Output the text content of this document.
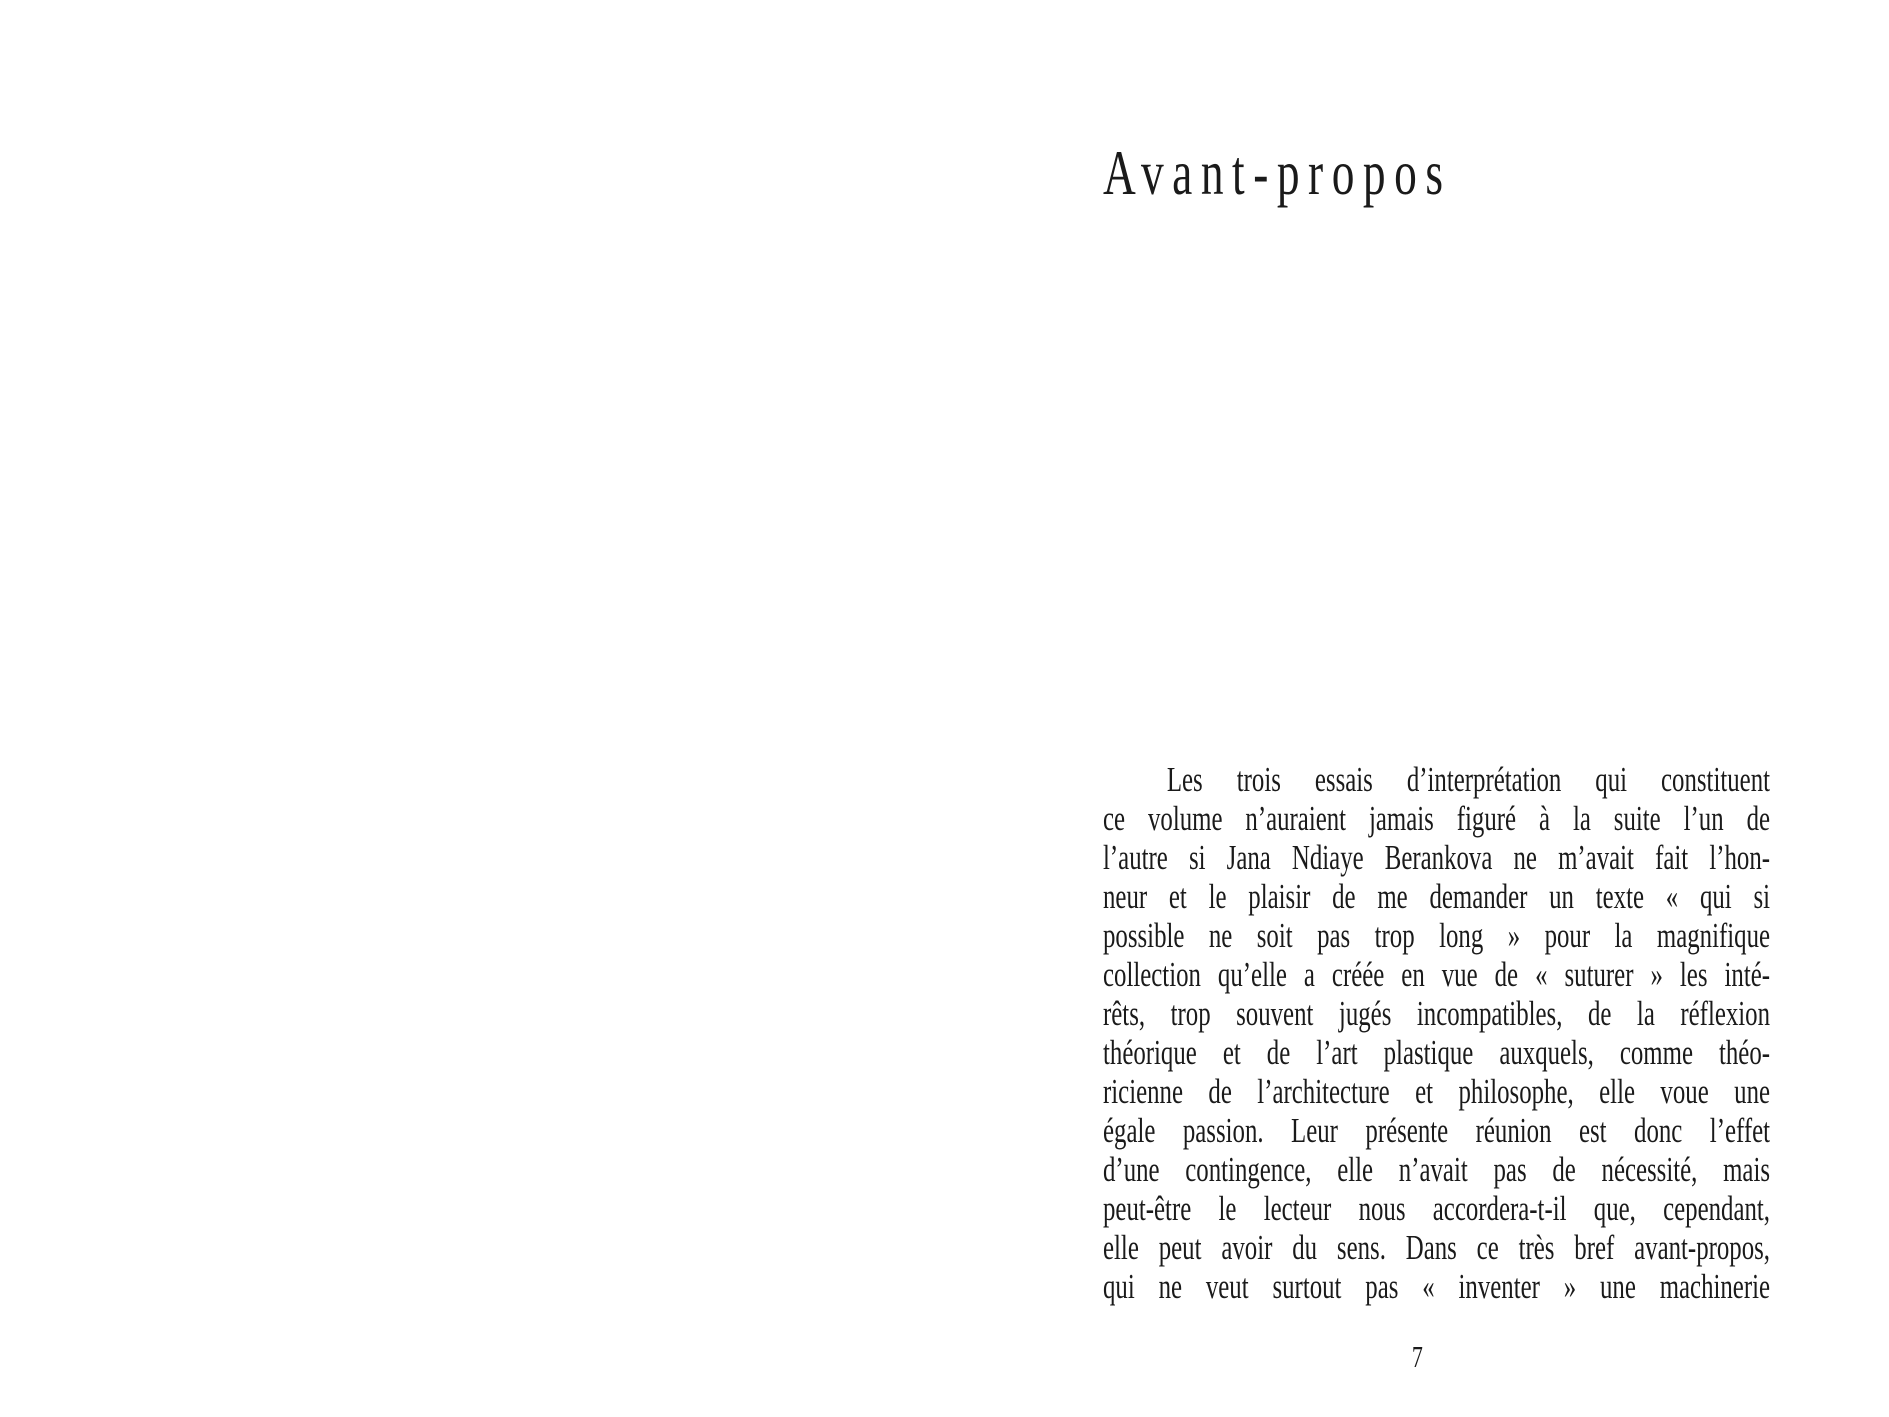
Avant-propos
Les trois essais d’interprétation qui constituent
ce volume n’auraient jamais figuré à la suite l’un de
l’autre si Jana Ndiaye Berankova ne m’avait fait l’hon-
neur et le plaisir de me demander un texte « qui si
possible ne soit pas trop long » pour la magnifique
collection qu’elle a créée en vue de « suturer » les inté-
rêts, trop souvent jugés incompatibles, de la réflexion
théorique et de l’art plastique auxquels, comme théo-
ricienne de l’architecture et philosophe, elle voue une
égale passion. Leur présente réunion est donc l’effet
d’une contingence, elle n’avait pas de nécessité, mais
peut-être le lecteur nous accordera-t-il que, cependant,
elle peut avoir du sens. Dans ce très bref avant-propos,
qui ne veut surtout pas « inventer » une machinerie
7
